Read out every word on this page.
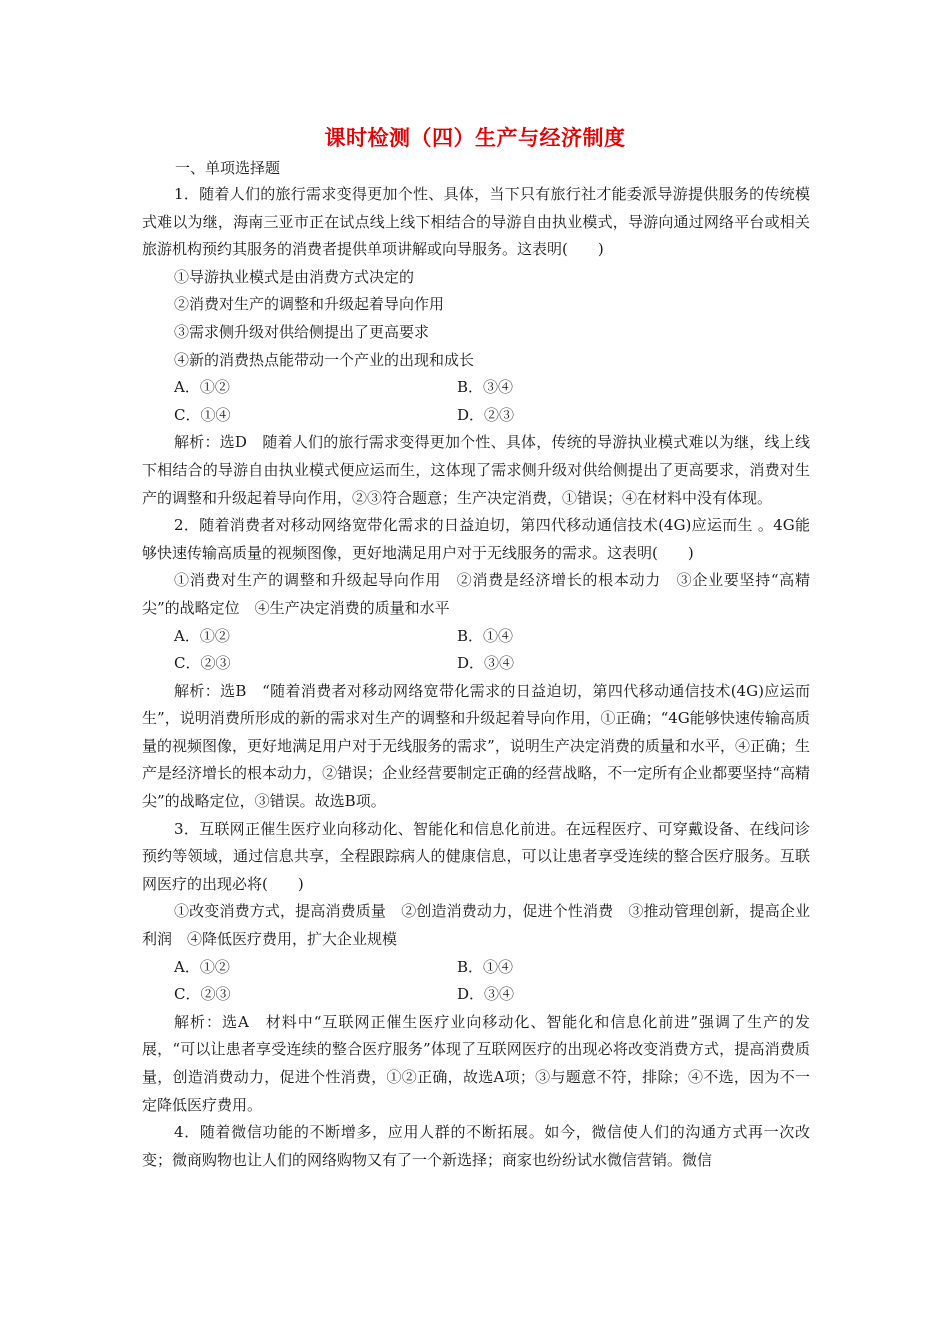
课时检测（四）生产与经济制度
一、单项选择题

1．随着人们的旅行需求变得更加个性、具体，当下只有旅行社才能委派导游提供服务的传统模式难以为继，海南三亚市正在试点线上线下相结合的导游自由执业模式，导游向通过网络平台或相关旅游机构预约其服务的消费者提供单项讲解或向导服务。这表明(　　)

①导游执业模式是由消费方式决定的

②消费对生产的调整和升级起着导向作用

③需求侧升级对供给侧提出了更高要求

④新的消费热点能带动一个产业的出现和成长

A．①②	B．③④
C．①④	D．②③

解析：选D　随着人们的旅行需求变得更加个性、具体，传统的导游执业模式难以为继，线上线下相结合的导游自由执业模式便应运而生，这体现了需求侧升级对供给侧提出了更高要求，消费对生产的调整和升级起着导向作用，②③符合题意；生产决定消费，①错误；④在材料中没有体现。

2．随着消费者对移动网络宽带化需求的日益迫切，第四代移动通信技术(4G)应运而生 。4G能够快速传输高质量的视频图像，更好地满足用户对于无线服务的需求。这表明(　　)

①消费对生产的调整和升级起导向作用　②消费是经济增长的根本动力　③企业要坚持“高精尖”的战略定位　④生产决定消费的质量和水平

A．①②	B．①④
C．②③	D．③④

解析：选B　“随着消费者对移动网络宽带化需求的日益迫切，第四代移动通信技术(4G)应运而生”，说明消费所形成的新的需求对生产的调整和升级起着导向作用，①正确；“4G能够快速传输高质量的视频图像，更好地满足用户对于无线服务的需求”，说明生产决定消费的质量和水平，④正确；生产是经济增长的根本动力，②错误；企业经营要制定正确的经营战略，不一定所有企业都要坚持“高精尖”的战略定位，③错误。故选B项。

3．互联网正催生医疗业向移动化、智能化和信息化前进。在远程医疗、可穿戴设备、在线问诊预约等领域，通过信息共享，全程跟踪病人的健康信息，可以让患者享受连续的整合医疗服务。互联网医疗的出现必将(　　)

①改变消费方式，提高消费质量　②创造消费动力，促进个性消费　③推动管理创新，提高企业利润　④降低医疗费用，扩大企业规模

A．①②	B．①④
C．②③	D．③④

解析：选A　材料中“互联网正催生医疗业向移动化、智能化和信息化前进”强调了生产的发展，“可以让患者享受连续的整合医疗服务”体现了互联网医疗的出现必将改变消费方式，提高消费质量，创造消费动力，促进个性消费，①②正确，故选A项；③与题意不符，排除；④不选，因为不一定降低医疗费用。

4．随着微信功能的不断增多，应用人群的不断拓展。如今，微信使人们的沟通方式再一次改变；微商购物也让人们的网络购物又有了一个新选择；商家也纷纷试水微信营销。微信
